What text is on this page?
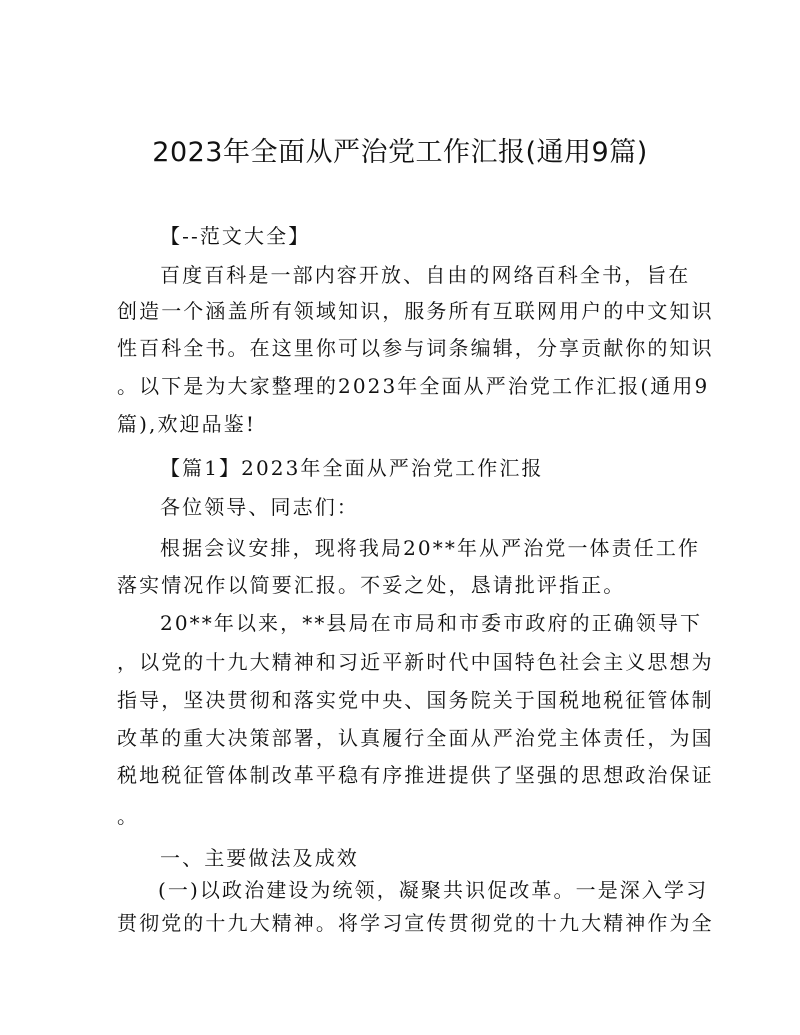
2023年全面从严治党工作汇报(通用9篇)
【--范文大全】
百度百科是一部内容开放、自由的网络百科全书，旨在
创造一个涵盖所有领域知识，服务所有互联网用户的中文知识
性百科全书。在这里你可以参与词条编辑，分享贡献你的知识
。以下是为大家整理的2023年全面从严治党工作汇报(通用9
篇),欢迎品鉴!
【篇1】2023年全面从严治党工作汇报
各位领导、同志们：
根据会议安排，现将我局20**年从严治党一体责任工作
落实情况作以简要汇报。不妥之处，恳请批评指正。
20**年以来，**县局在市局和市委市政府的正确领导下
，以党的十九大精神和习近平新时代中国特色社会主义思想为
指导，坚决贯彻和落实党中央、国务院关于国税地税征管体制
改革的重大决策部署，认真履行全面从严治党主体责任，为国
税地税征管体制改革平稳有序推进提供了坚强的思想政治保证
。
一、主要做法及成效
(一)以政治建设为统领，凝聚共识促改革。一是深入学习
贯彻党的十九大精神。将学习宣传贯彻党的十九大精神作为全
